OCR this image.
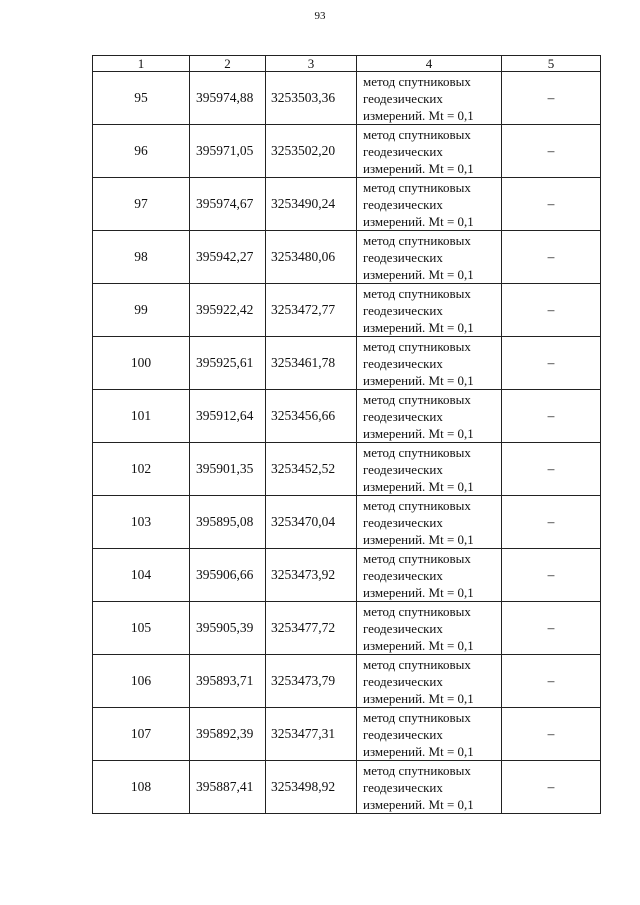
93
1	2	3	4	5
95	395974,88	3253503,36	метод спутниковых
геодезических
измерений. Mt = 0,1	–
96	395971,05	3253502,20	метод спутниковых
геодезических
измерений. Mt = 0,1	–
97	395974,67	3253490,24	метод спутниковых
геодезических
измерений. Mt = 0,1	–
98	395942,27	3253480,06	метод спутниковых
геодезических
измерений. Mt = 0,1	–
99	395922,42	3253472,77	метод спутниковых
геодезических
измерений. Mt = 0,1	–
100	395925,61	3253461,78	метод спутниковых
геодезических
измерений. Mt = 0,1	–
101	395912,64	3253456,66	метод спутниковых
геодезических
измерений. Mt = 0,1	–
102	395901,35	3253452,52	метод спутниковых
геодезических
измерений. Mt = 0,1	–
103	395895,08	3253470,04	метод спутниковых
геодезических
измерений. Mt = 0,1	–
104	395906,66	3253473,92	метод спутниковых
геодезических
измерений. Mt = 0,1	–
105	395905,39	3253477,72	метод спутниковых
геодезических
измерений. Mt = 0,1	–
106	395893,71	3253473,79	метод спутниковых
геодезических
измерений. Mt = 0,1	–
107	395892,39	3253477,31	метод спутниковых
геодезических
измерений. Mt = 0,1	–
108	395887,41	3253498,92	метод спутниковых
геодезических
измерений. Mt = 0,1	–
